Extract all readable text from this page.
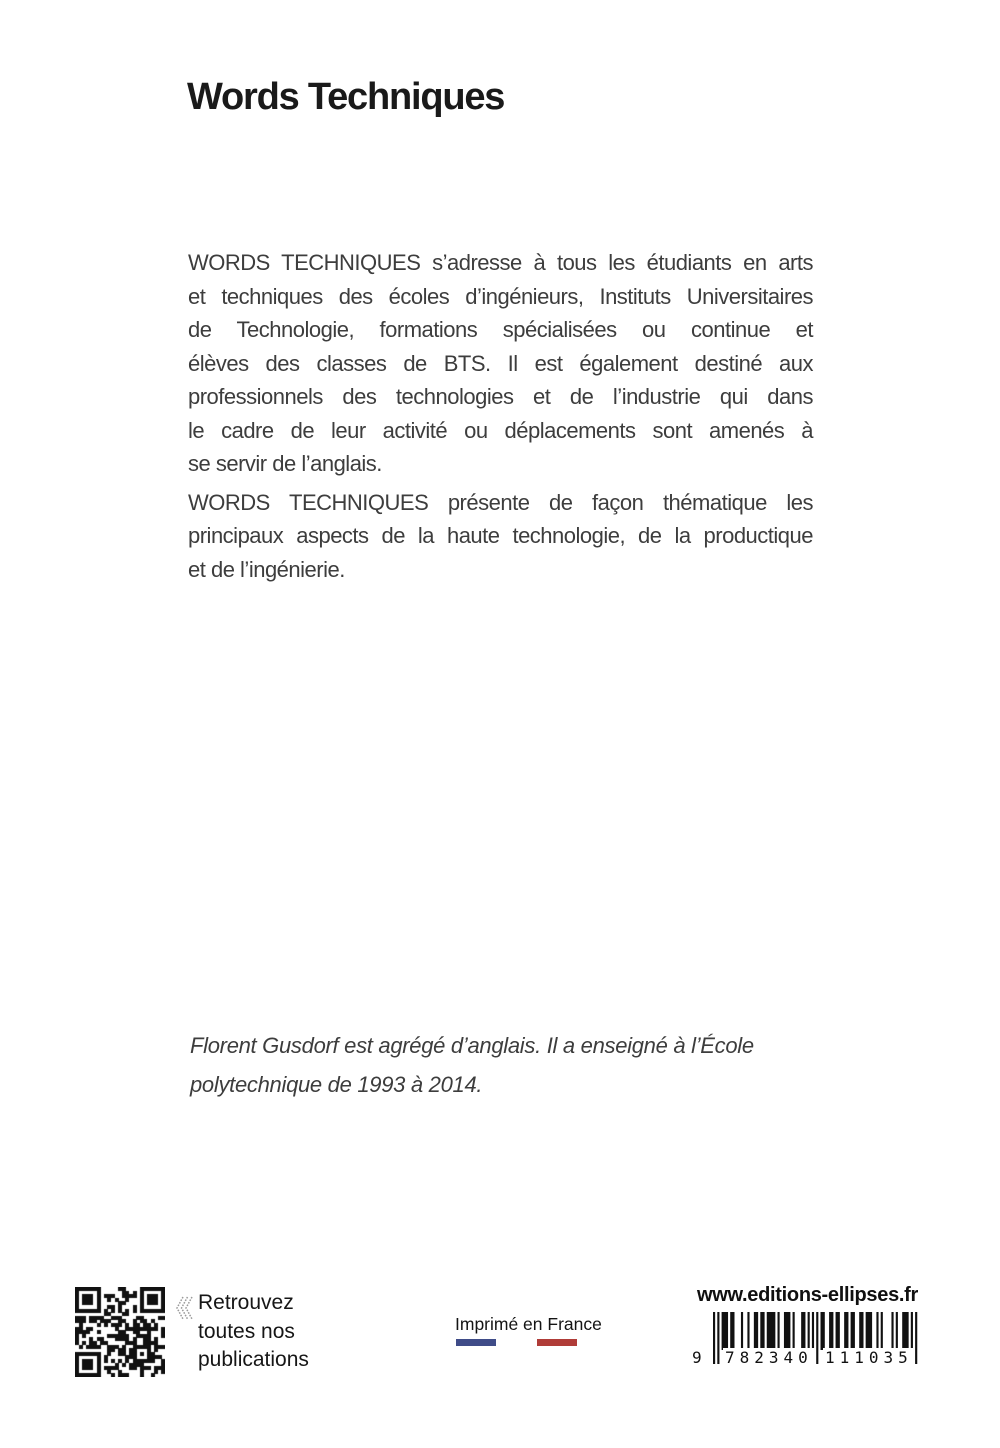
Words Techniques
WORDS TECHNIQUES s’adresse à tous les étudiants en arts
et techniques des écoles d’ingénieurs, Instituts Universitaires
de Technologie, formations spécialisées ou continue et
élèves des classes de BTS. Il est également destiné aux
professionnels des technologies et de l’industrie qui dans
le cadre de leur activité ou déplacements sont amenés à
se servir de l’anglais.
WORDS TECHNIQUES présente de façon thématique les
principaux aspects de la haute technologie, de la productique
et de l’ingénierie.
Florent Gusdorf est agrégé d’anglais. Il a enseigné à l’École
polytechnique de 1993 à 2014.
Retrouvez
toutes nos
publications
Imprimé en France
www.editions-ellipses.fr
9 782340 111035
